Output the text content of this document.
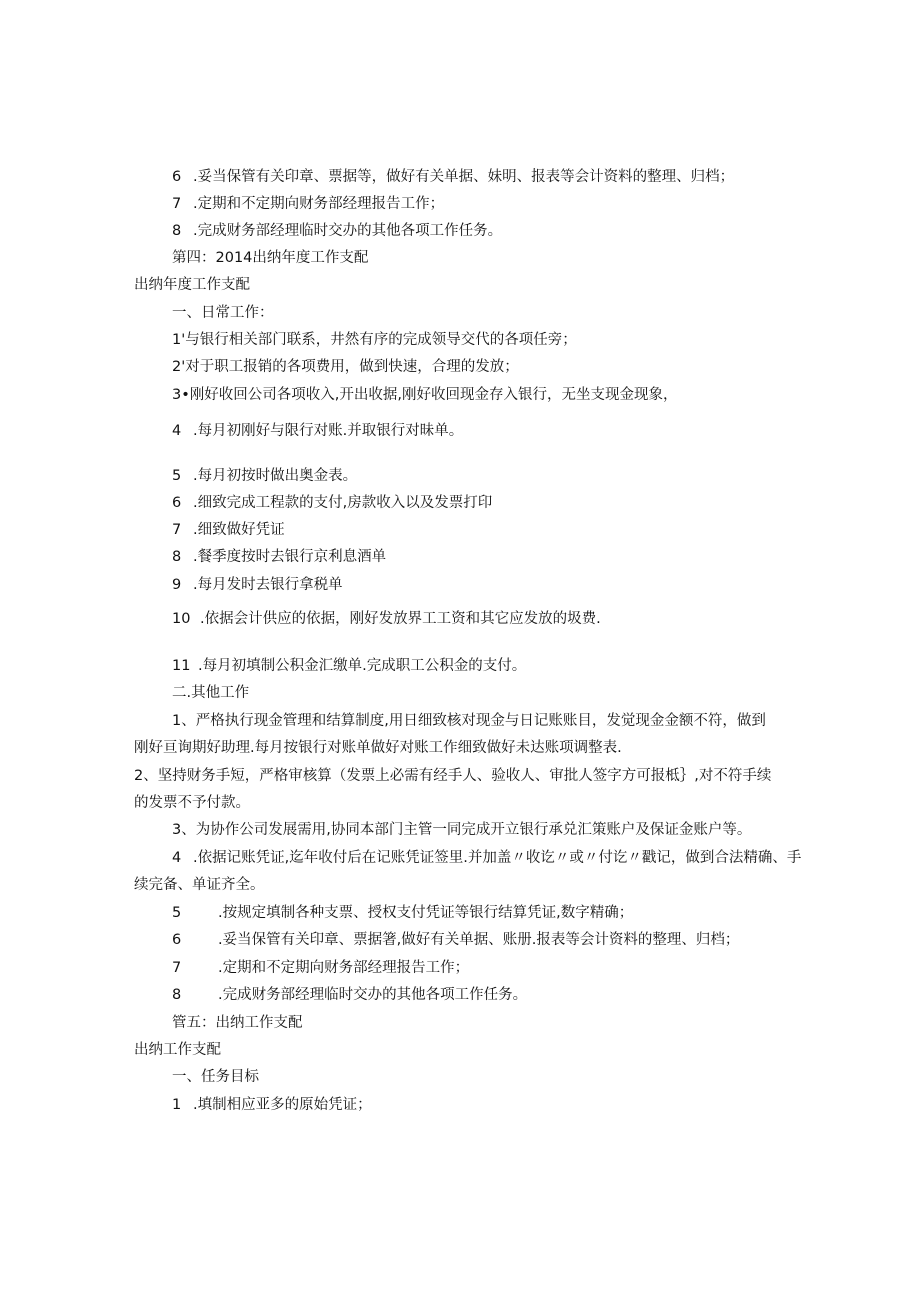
6 .妥当保管有关印章、票据等，做好有关单据、妹明、报表等会计资料的整理、归档；
7 .定期和不定期向财务部经理报告工作；
8 .完成财务部经理临时交办的其他各项工作任务。
第四：2014出纳年度工作支配
出纳年度工作支配
一、日常工作：
1'与银行相关部门联系，井然有序的完成领导交代的各项任旁；
2'对于职工报销的各项费用，做到快速，合理的发放；
3•刚好收回公司各项收入,开出收据,刚好收回现金存入银行，无坐支现金现象，
4 .每月初刚好与限行对账.并取银行对昧单。
5 .每月初按时做出奥金表。
6 .细致完成工程款的支付,房款收入以及发票打印
7 .细致做好凭证
8 .餐季度按时去银行京利息酒单
9 .每月发时去银行拿税单
10 .依据会计供应的依据，刚好发放界工工资和其它应发放的圾费.
11 .每月初填制公积金汇缴单.完成职工公积金的支付。
二.其他工作
1、严格执行现金管理和结算制度,用日细致核对现金与日记账账目，发觉现金金额不符，做到
刚好亘询期好助理.每月按银行对账单做好对账工作细致做好未达账项调整表.
2、坚持财务手短，严格审核算（发票上必需有经手人、验收人、审批人签字方可报柢｝,对不符手续
的发票不予付款。
3、为协作公司发展需用,协同本部门主管一同完成开立银行承兑汇策账户及保证金账户等。
4 .依据记账凭证,迄年收付后在记账凭证签里.并加盖〃收讫〃或〃付讫〃戳记，做到合法精确、手
续完备、单证齐全。
5	.按规定填制各种支票、授权支付凭证等银行结算凭证,数字精确；
6	.妥当保管有关印章、票据箸,做好有关单据、账册.报表等会计资料的整理、归档；
7	.定期和不定期向财务部经理报告工作；
8	.完成财务部经理临时交办的其他各项工作任务。
管五：出纳工作支配
出纳工作支配
一、任务目标
1 .填制相应亚多的原始凭证；
